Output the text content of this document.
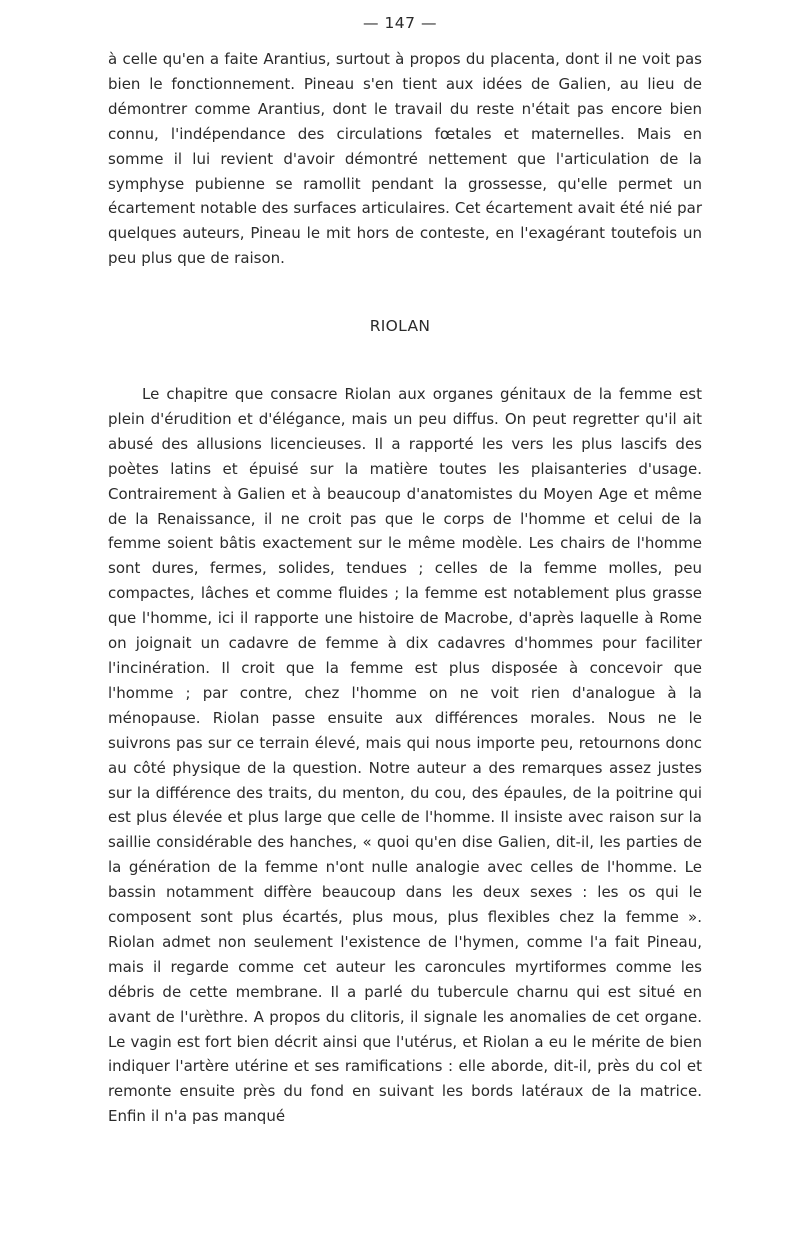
— 147 —

à celle qu'en a faite Arantius, surtout à propos du placenta, dont il ne voit pas bien le fonctionnement. Pineau s'en tient aux idées de Galien, au lieu de démontrer comme Arantius, dont le travail du reste n'était pas encore bien connu, l'indépendance des circulations fœtales et maternelles. Mais en somme il lui revient d'avoir démontré nettement que l'articulation de la symphyse pubienne se ramollit pendant la grossesse, qu'elle permet un écartement notable des surfaces articulaires. Cet écartement avait été nié par quelques auteurs, Pineau le mit hors de conteste, en l'exagérant toutefois un peu plus que de raison.

RIOLAN

Le chapitre que consacre Riolan aux organes génitaux de la femme est plein d'érudition et d'élégance, mais un peu diffus. On peut regretter qu'il ait abusé des allusions licencieuses. Il a rapporté les vers les plus lascifs des poètes latins et épuisé sur la matière toutes les plaisanteries d'usage. Contrairement à Galien et à beaucoup d'anatomistes du Moyen Age et même de la Renaissance, il ne croit pas que le corps de l'homme et celui de la femme soient bâtis exactement sur le même modèle. Les chairs de l'homme sont dures, fermes, solides, tendues ; celles de la femme molles, peu compactes, lâches et comme fluides ; la femme est notablement plus grasse que l'homme, ici il rapporte une histoire de Macrobe, d'après laquelle à Rome on joignait un cadavre de femme à dix cadavres d'hommes pour faciliter l'incinération. Il croit que la femme est plus disposée à concevoir que l'homme ; par contre, chez l'homme on ne voit rien d'analogue à la ménopause. Riolan passe ensuite aux différences morales. Nous ne le suivrons pas sur ce terrain élevé, mais qui nous importe peu, retournons donc au côté physique de la question. Notre auteur a des remarques assez justes sur la différence des traits, du menton, du cou, des épaules, de la poitrine qui est plus élevée et plus large que celle de l'homme. Il insiste avec raison sur la saillie considérable des hanches, « quoi qu'en dise Galien, dit-il, les parties de la génération de la femme n'ont nulle analogie avec celles de l'homme. Le bassin notamment diffère beaucoup dans les deux sexes : les os qui le composent sont plus écartés, plus mous, plus flexibles chez la femme ». Riolan admet non seulement l'existence de l'hymen, comme l'a fait Pineau, mais il regarde comme cet auteur les caroncules myrtiformes comme les débris de cette membrane. Il a parlé du tubercule charnu qui est situé en avant de l'urèthre. A propos du clitoris, il signale les anomalies de cet organe. Le vagin est fort bien décrit ainsi que l'utérus, et Riolan a eu le mérite de bien indiquer l'artère utérine et ses ramifications : elle aborde, dit-il, près du col et remonte ensuite près du fond en suivant les bords latéraux de la matrice. Enfin il n'a pas manqué
